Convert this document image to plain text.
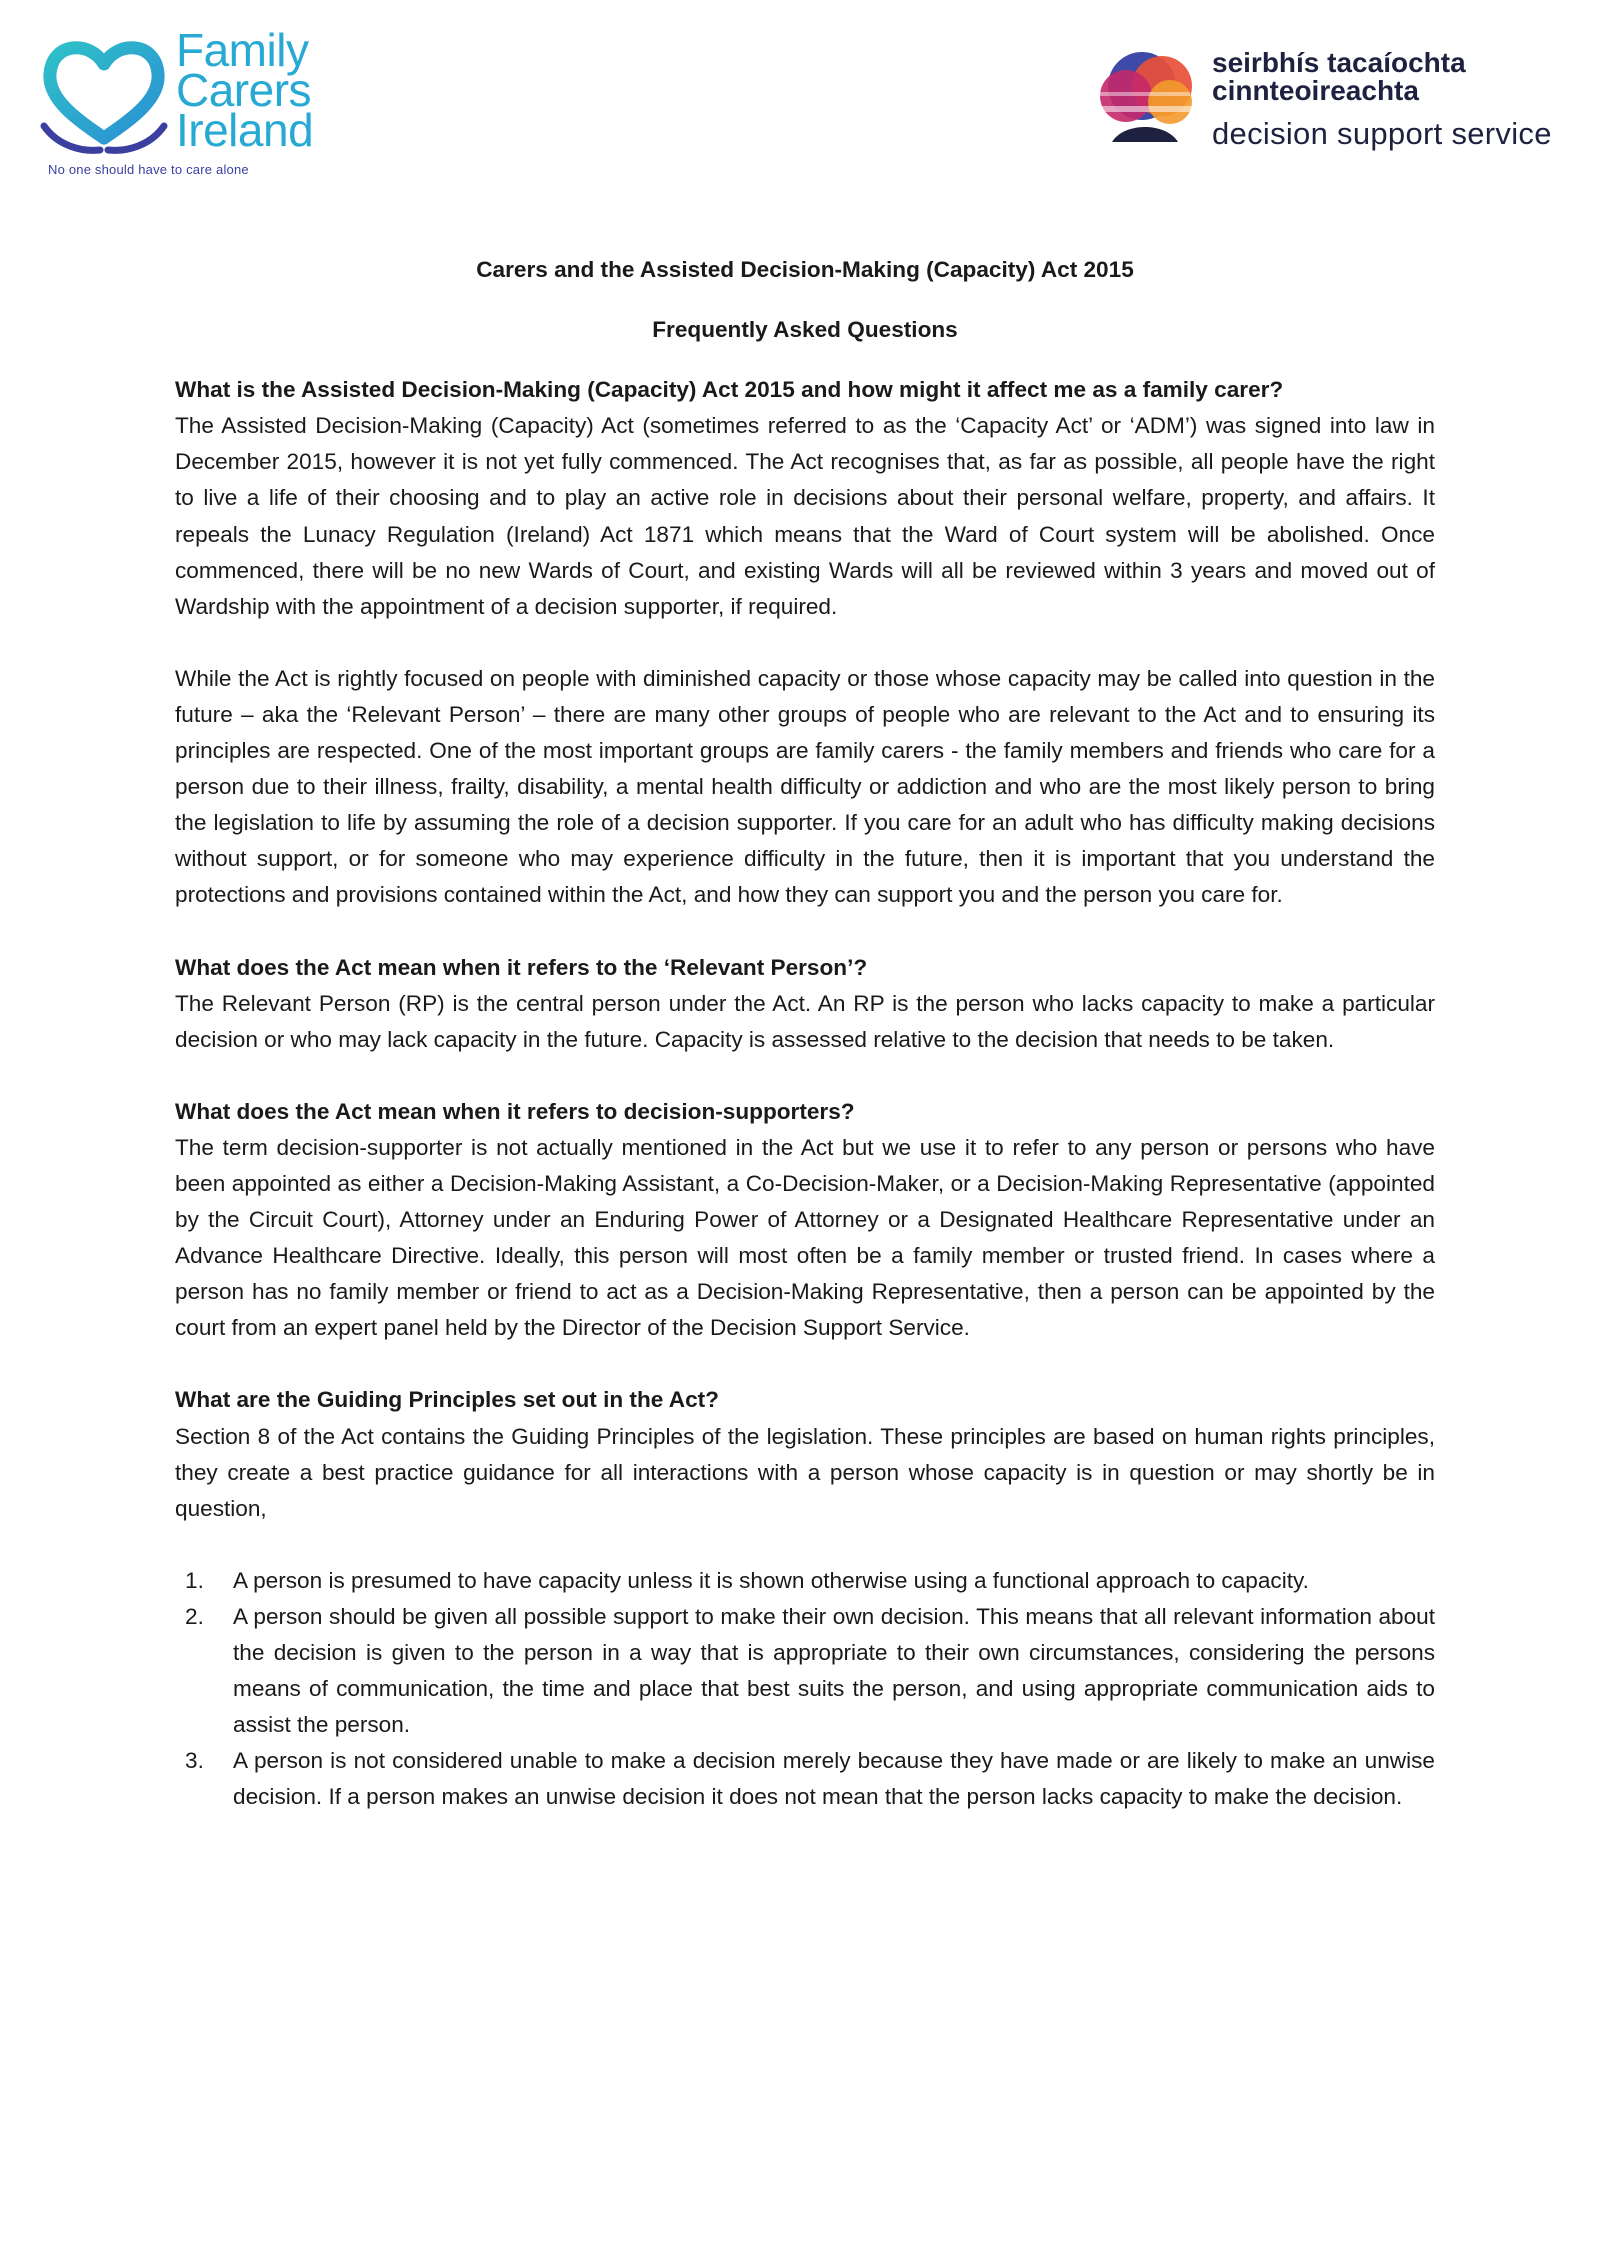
Family
Carers
Ireland
No one should have to care alone
seirbhís tacaíochta
cinnteoireachta
decision support service

Carers and the Assisted Decision-Making (Capacity) Act 2015

Frequently Asked Questions

What is the Assisted Decision-Making (Capacity) Act 2015 and how might it affect me as a family carer?

The Assisted Decision-Making (Capacity) Act (sometimes referred to as the ‘Capacity Act’ or ‘ADM’) was signed into law in December 2015, however it is not yet fully commenced. The Act recognises that, as far as possible, all people have the right to live a life of their choosing and to play an active role in decisions about their personal welfare, property, and affairs. It repeals the Lunacy Regulation (Ireland) Act 1871 which means that the Ward of Court system will be abolished. Once commenced, there will be no new Wards of Court, and existing Wards will all be reviewed within 3 years and moved out of Wardship with the appointment of a decision supporter, if required.

While the Act is rightly focused on people with diminished capacity or those whose capacity may be called into question in the future – aka the ‘Relevant Person’ – there are many other groups of people who are relevant to the Act and to ensuring its principles are respected. One of the most important groups are family carers - the family members and friends who care for a person due to their illness, frailty, disability, a mental health difficulty or addiction and who are the most likely person to bring the legislation to life by assuming the role of a decision supporter. If you care for an adult who has difficulty making decisions without support, or for someone who may experience difficulty in the future, then it is important that you understand the protections and provisions contained within the Act, and how they can support you and the person you care for.

What does the Act mean when it refers to the ‘Relevant Person’?

The Relevant Person (RP) is the central person under the Act. An RP is the person who lacks capacity to make a particular decision or who may lack capacity in the future. Capacity is assessed relative to the decision that needs to be taken.

What does the Act mean when it refers to decision-supporters?

The term decision-supporter is not actually mentioned in the Act but we use it to refer to any person or persons who have been appointed as either a Decision-Making Assistant, a Co-Decision-Maker, or a Decision-Making Representative (appointed by the Circuit Court), Attorney under an Enduring Power of Attorney or a Designated Healthcare Representative under an Advance Healthcare Directive. Ideally, this person will most often be a family member or trusted friend. In cases where a person has no family member or friend to act as a Decision-Making Representative, then a person can be appointed by the court from an expert panel held by the Director of the Decision Support Service.

What are the Guiding Principles set out in the Act?

Section 8 of the Act contains the Guiding Principles of the legislation. These principles are based on human rights principles, they create a best practice guidance for all interactions with a person whose capacity is in question or may shortly be in question,

1. A person is presumed to have capacity unless it is shown otherwise using a functional approach to capacity.
2. A person should be given all possible support to make their own decision. This means that all relevant information about the decision is given to the person in a way that is appropriate to their own circumstances, considering the persons means of communication, the time and place that best suits the person, and using appropriate communication aids to assist the person.
3. A person is not considered unable to make a decision merely because they have made or are likely to make an unwise decision. If a person makes an unwise decision it does not mean that the person lacks capacity to make the decision.
